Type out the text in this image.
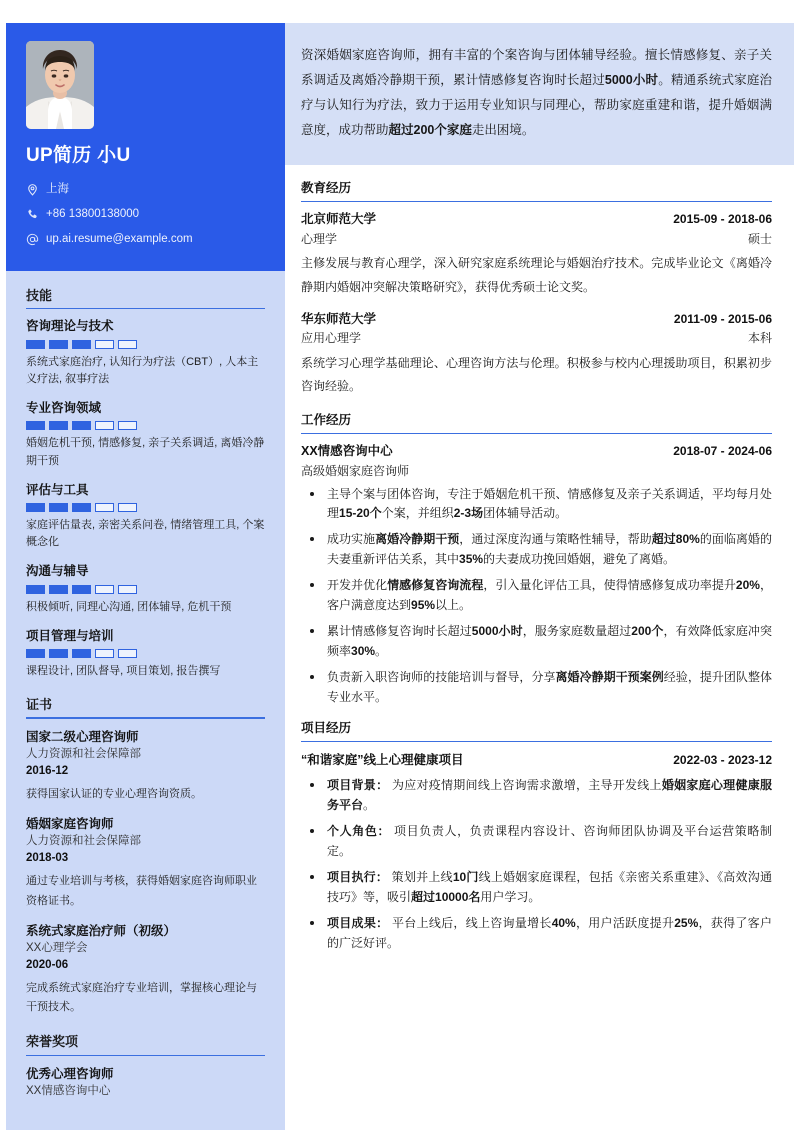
UP简历 小U
上海
+86 13800138000
up.ai.resume@example.com
技能
咨询理论与技术
系统式家庭治疗, 认知行为疗法（CBT）, 人本主义疗法, 叙事疗法
专业咨询领域
婚姻危机干预, 情感修复, 亲子关系调适, 离婚冷静期干预
评估与工具
家庭评估量表, 亲密关系问卷, 情绪管理工具, 个案概念化
沟通与辅导
积极倾听, 同理心沟通, 团体辅导, 危机干预
项目管理与培训
课程设计, 团队督导, 项目策划, 报告撰写
证书
国家二级心理咨询师
人力资源和社会保障部
2016-12
获得国家认证的专业心理咨询资质。
婚姻家庭咨询师
人力资源和社会保障部
2018-03
通过专业培训与考核，获得婚姻家庭咨询师职业资格证书。
系统式家庭治疗师（初级）
XX心理学会
2020-06
完成系统式家庭治疗专业培训，掌握核心理论与干预技术。
荣誉奖项
优秀心理咨询师
XX情感咨询中心
资深婚姻家庭咨询师，拥有丰富的个案咨询与团体辅导经验。擅长情感修复、亲子关系调适及离婚冷静期干预，累计情感修复咨询时长超过5000小时。精通系统式家庭治疗与认知行为疗法，致力于运用专业知识与同理心，帮助家庭重建和谐，提升婚姻满意度，成功帮助超过200个家庭走出困境。
教育经历
北京师范大学	2015-09 - 2018-06
心理学	硕士
主修发展与教育心理学，深入研究家庭系统理论与婚姻治疗技术。完成毕业论文《离婚冷静期内婚姻冲突解决策略研究》，获得优秀硕士论文奖。
华东师范大学	2011-09 - 2015-06
应用心理学	本科
系统学习心理学基础理论、心理咨询方法与伦理。积极参与校内心理援助项目，积累初步咨询经验。
工作经历
XX情感咨询中心	2018-07 - 2024-06
高级婚姻家庭咨询师
主导个案与团体咨询，专注于婚姻危机干预、情感修复及亲子关系调适，平均每月处理15-20个个案，并组织2-3场团体辅导活动。
成功实施离婚冷静期干预，通过深度沟通与策略性辅导，帮助超过80%的面临离婚的夫妻重新评估关系，其中35%的夫妻成功挽回婚姻，避免了离婚。
开发并优化情感修复咨询流程，引入量化评估工具，使得情感修复成功率提升20%，客户满意度达到95%以上。
累计情感修复咨询时长超过5000小时，服务家庭数量超过200个，有效降低家庭冲突频率30%。
负责新入职咨询师的技能培训与督导，分享离婚冷静期干预案例经验，提升团队整体专业水平。
项目经历
“和谐家庭”线上心理健康项目	2022-03 - 2023-12
项目背景： 为应对疫情期间线上咨询需求激增，主导开发线上婚姻家庭心理健康服务平台。
个人角色： 项目负责人，负责课程内容设计、咨询师团队协调及平台运营策略制定。
项目执行： 策划并上线10门线上婚姻家庭课程，包括《亲密关系重建》、《高效沟通技巧》等，吸引超过10000名用户学习。
项目成果： 平台上线后，线上咨询量增长40%，用户活跃度提升25%，获得了客户的广泛好评。
